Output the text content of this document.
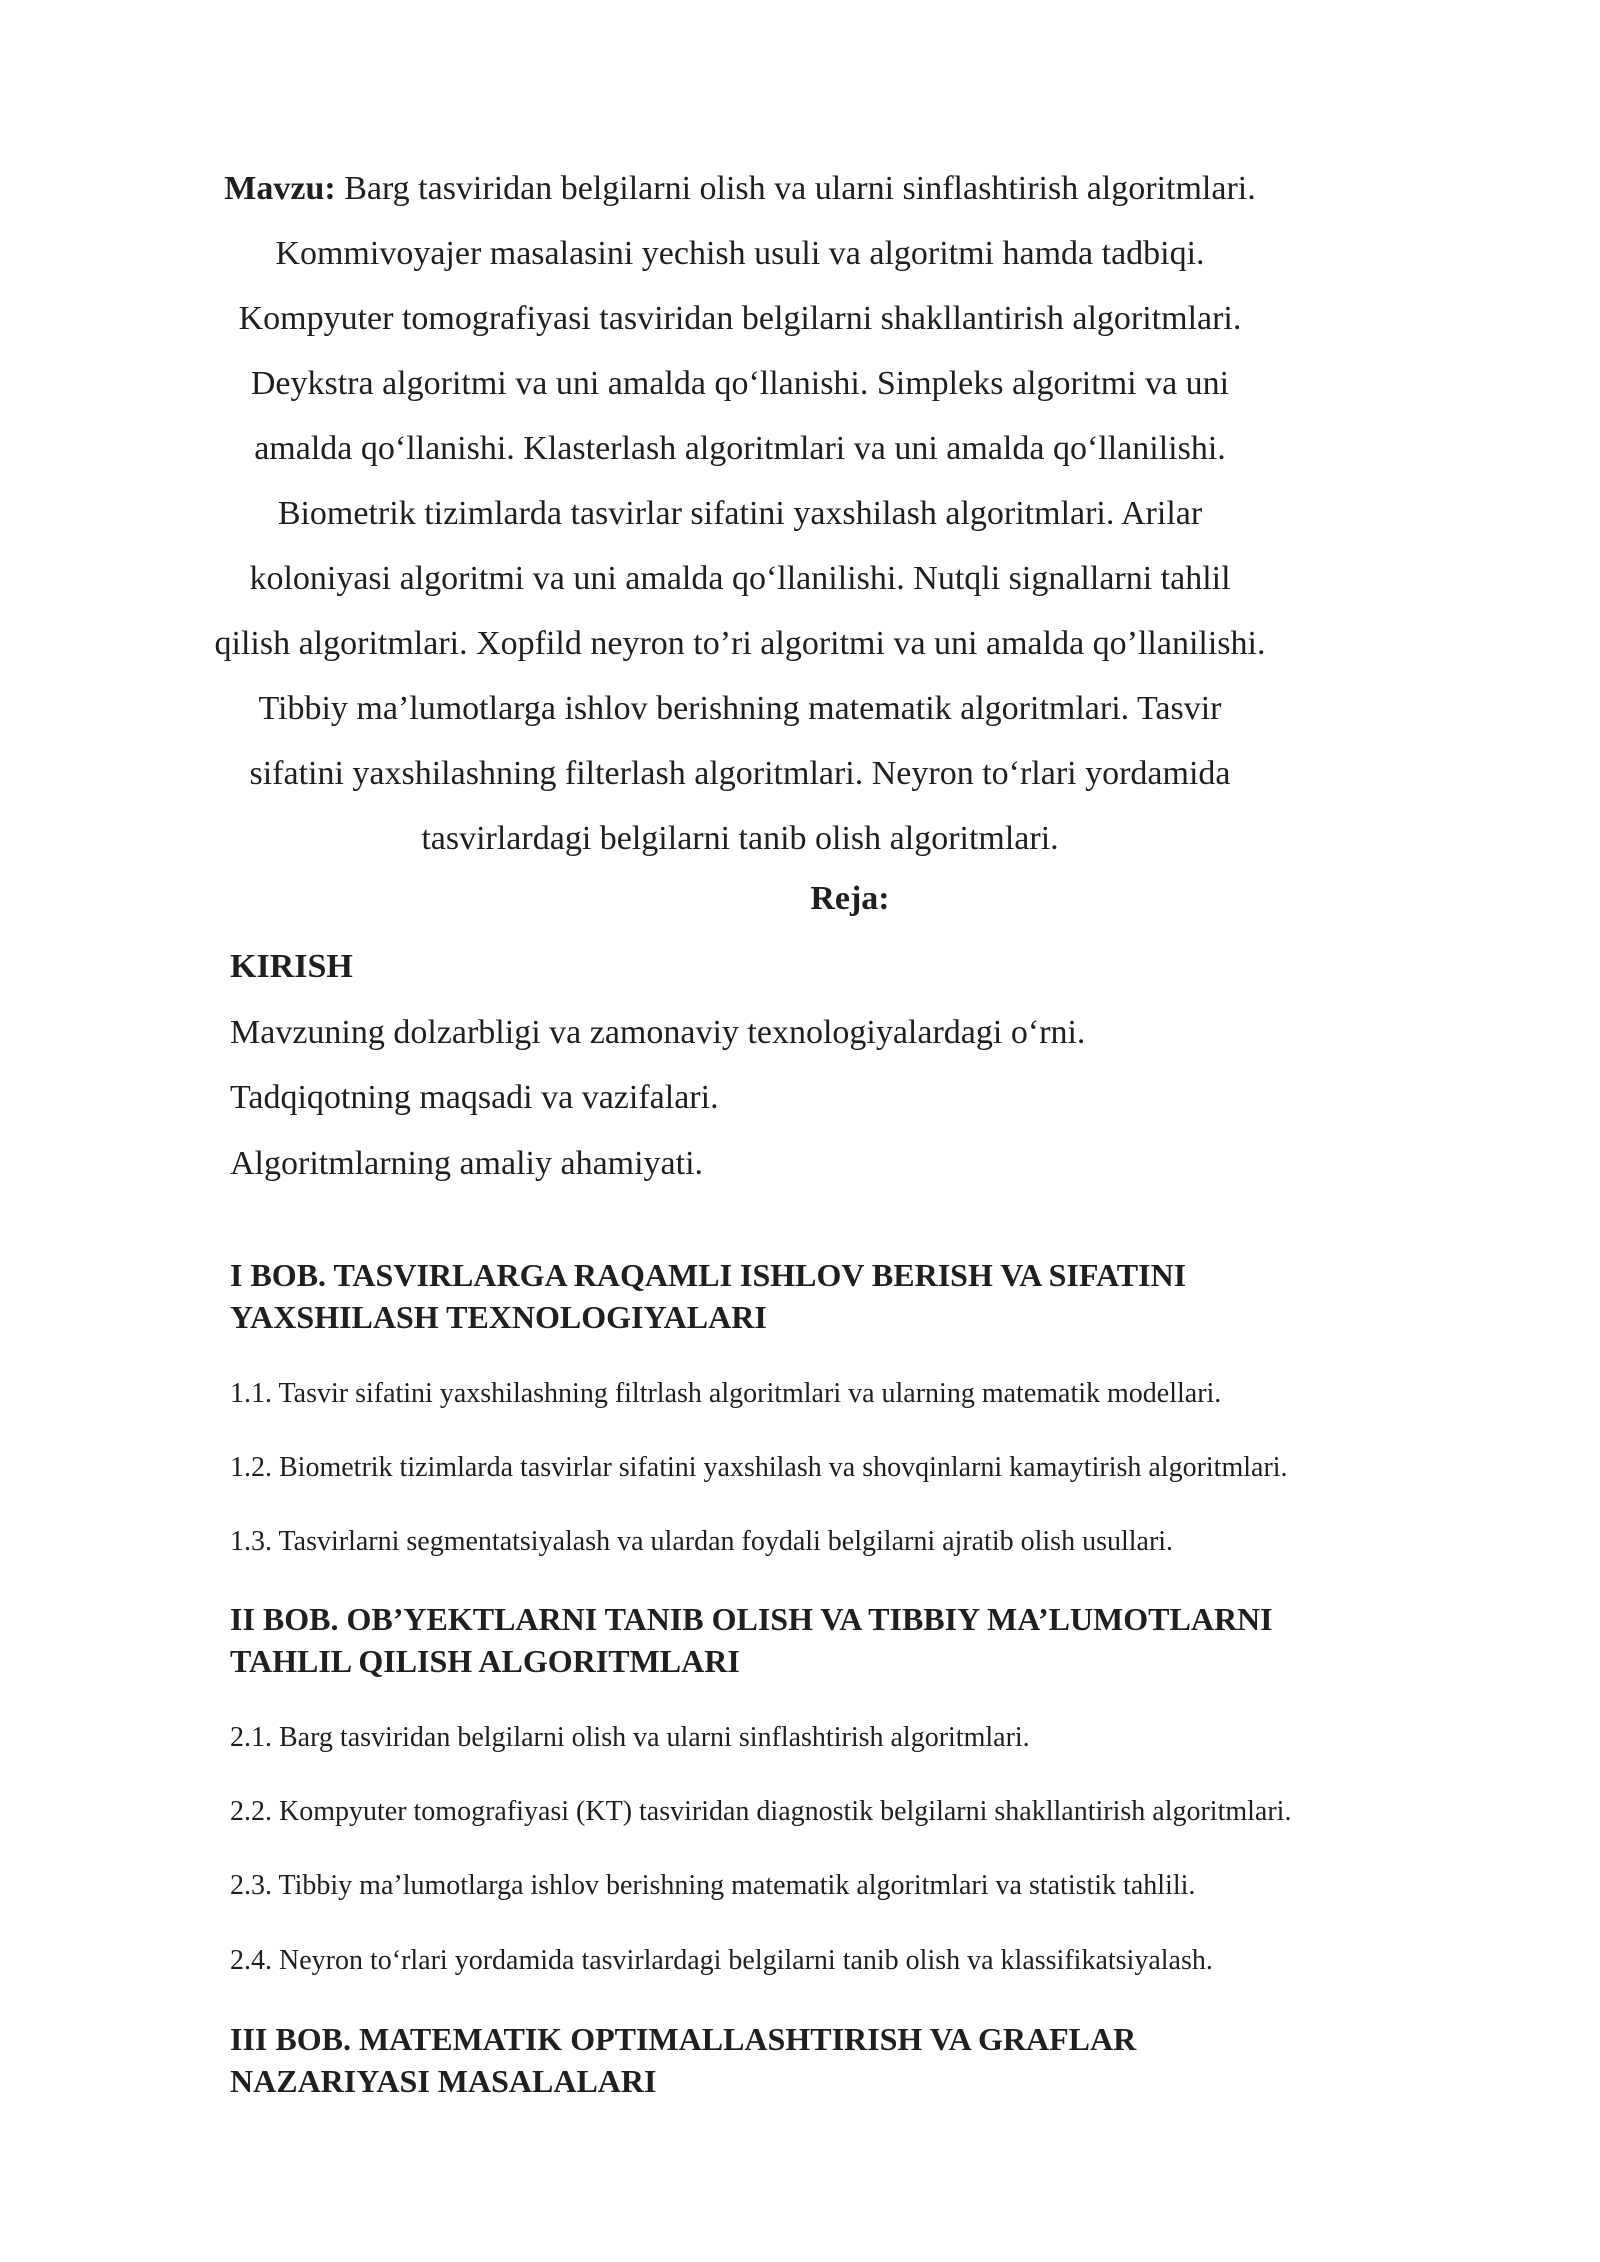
Mavzu: Barg tasviridan belgilarni olish va ularni sinflashtirish algoritmlari. Kommivoyajer masalasini yechish usuli va algoritmi hamda tadbiqi. Kompyuter tomografiyasi tasviridan belgilarni shakllantirish algoritmlari. Deykstra algoritmi va uni amalda qo‘llanishi. Simpleks algoritmi va uni amalda qo‘llanishi. Klasterlash algoritmlari va uni amalda qo‘llanilishi. Biometrik tizimlarda tasvirlar sifatini yaxshilash algoritmlari. Arilar koloniyasi algoritmi va uni amalda qo‘llanilishi. Nutqli signallarni tahlil qilish algoritmlari. Xopfild neyron to’ri algoritmi va uni amalda qo’llanilishi. Tibbiy ma’lumotlarga ishlov berishning matematik algoritmlari. Tasvir sifatini yaxshilashning filterlash algoritmlari. Neyron to‘rlari yordamida tasvirlardagi belgilarni tanib olish algoritmlari.

Reja:
KIRISH
Mavzuning dolzarbligi va zamonaviy texnologiyalardagi o‘rni.
Tadqiqotning maqsadi va vazifalari.
Algoritmlarning amaliy ahamiyati.
I BOB. TASVIRLARGA RAQAMLI ISHLOV BERISH VA SIFATINI
YAXSHILASH TEXNOLOGIYALARI
1.1. Tasvir sifatini yaxshilashning filtrlash algoritmlari va ularning matematik modellari.
1.2. Biometrik tizimlarda tasvirlar sifatini yaxshilash va shovqinlarni kamaytirish algoritmlari.
1.3. Tasvirlarni segmentatsiyalash va ulardan foydali belgilarni ajratib olish usullari.
II BOB. OB’YEKTLARNI TANIB OLISH VA TIBBIY MA’LUMOTLARNI
TAHLIL QILISH ALGORITMLARI
2.1. Barg tasviridan belgilarni olish va ularni sinflashtirish algoritmlari.
2.2. Kompyuter tomografiyasi (KT) tasviridan diagnostik belgilarni shakllantirish algoritmlari.
2.3. Tibbiy ma’lumotlarga ishlov berishning matematik algoritmlari va statistik tahlili.
2.4. Neyron to‘rlari yordamida tasvirlardagi belgilarni tanib olish va klassifikatsiyalash.
III BOB. MATEMATIK OPTIMALLASHTIRISH VA GRAFLAR
NAZARIYASI MASALALARI
